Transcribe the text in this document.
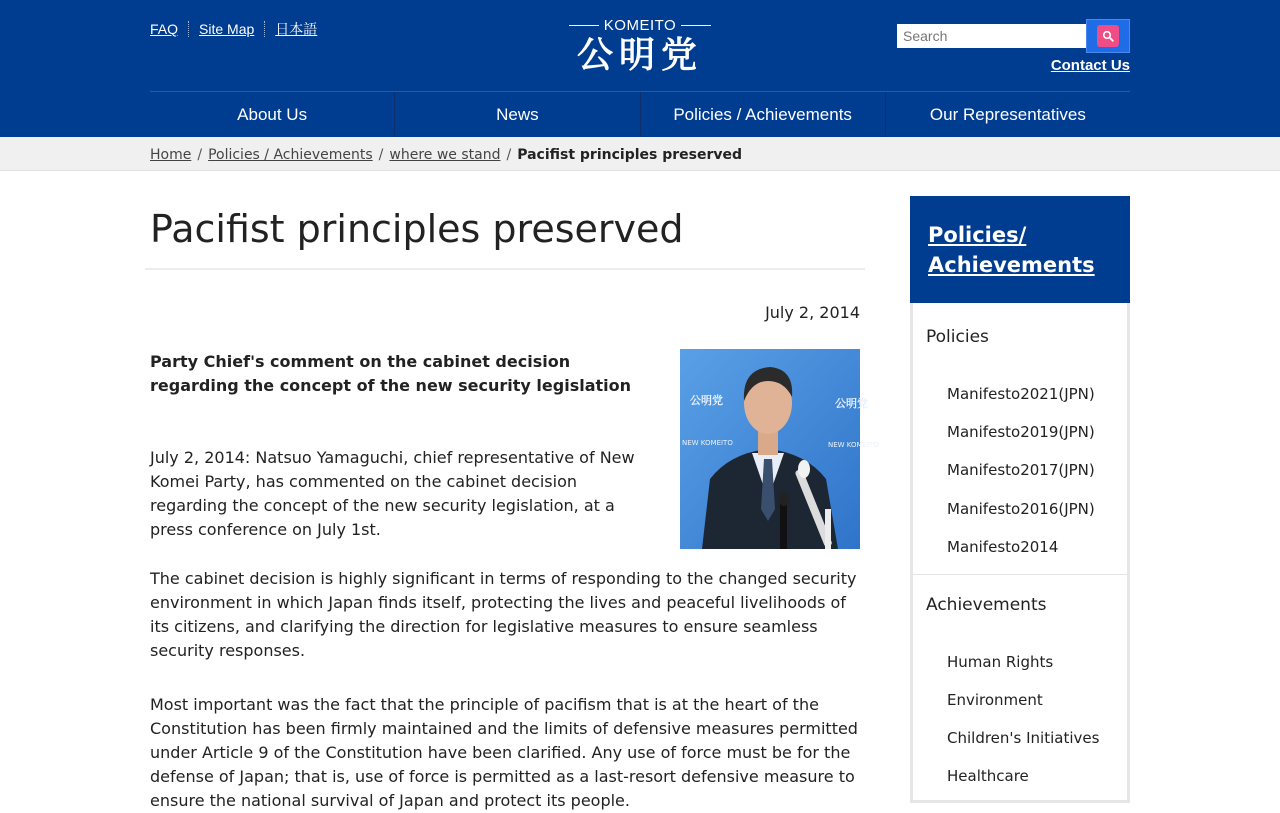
FAQ	Site Map	日本語	KOMEITO
公明党
Search	Contact Us
About Us	News	Policies / Achievements	Our Representatives
Home / Policies / Achievements / where we stand / Pacifist principles preserved
Pacifist principles preserved
July 2, 2014
Party Chief's comment on the cabinet decision regarding the concept of the new security legislation
公明党	公明党
NEW KOMEITO	NEW KOMEITO

July 2, 2014: Natsuo Yamaguchi, chief representative of New Komei Party, has commented on the cabinet decision regarding the concept of the new security legislation, at a press conference on July 1st.

The cabinet decision is highly significant in terms of responding to the changed security environment in which Japan finds itself, protecting the lives and peaceful livelihoods of its citizens, and clarifying the direction for legislative measures to ensure seamless security responses.

Most important was the fact that the principle of pacifism that is at the heart of the Constitution has been firmly maintained and the limits of defensive measures permitted under Article 9 of the Constitution have been clarified. Any use of force must be for the defense of Japan; that is, use of force is permitted as a last-resort defensive measure to ensure the national survival of Japan and protect its people.

Policies/
Achievements
Policies
Manifesto2021(JPN)
Manifesto2019(JPN)
Manifesto2017(JPN)
Manifesto2016(JPN)
Manifesto2014
Achievements
Human Rights
Environment
Children's Initiatives
Healthcare
